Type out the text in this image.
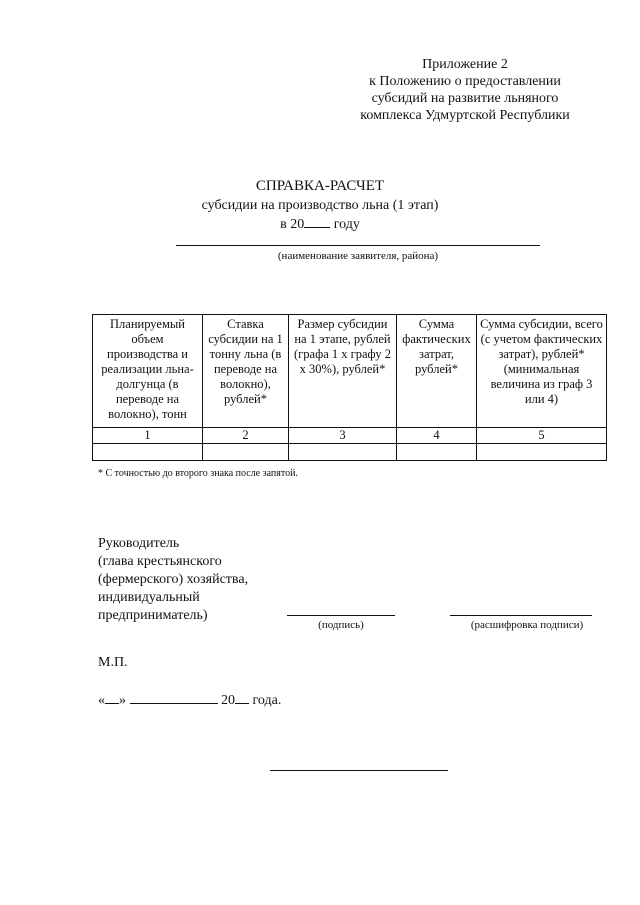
Приложение 2
к Положению о предоставлении
субсидий на развитие льняного
комплекса Удмуртской Республики
СПРАВКА-РАСЧЕТ
субсидии на производство льна (1 этап)
в 20 году
(наименование заявителя, района)
Планируемый объем производства и реализации льна-долгунца (в переводе на волокно), тонн	Ставка субсидии на 1 тонну льна (в переводе на волокно), рублей*	Размер субсидии на 1 этапе, рублей (графа 1 х графу 2 х 30%), рублей*	Сумма фактических затрат, рублей*	Сумма субсидии, всего (с учетом фактических затрат), рублей* (минимальная величина из граф 3 или 4)
1	2	3	4	5

* С точностью до второго знака после запятой.
Руководитель
(глава крестьянского
(фермерского) хозяйства,
индивидуальный
предприниматель)
(подпись)	(расшифровка подписи)
М.П.
« »	20 года.
